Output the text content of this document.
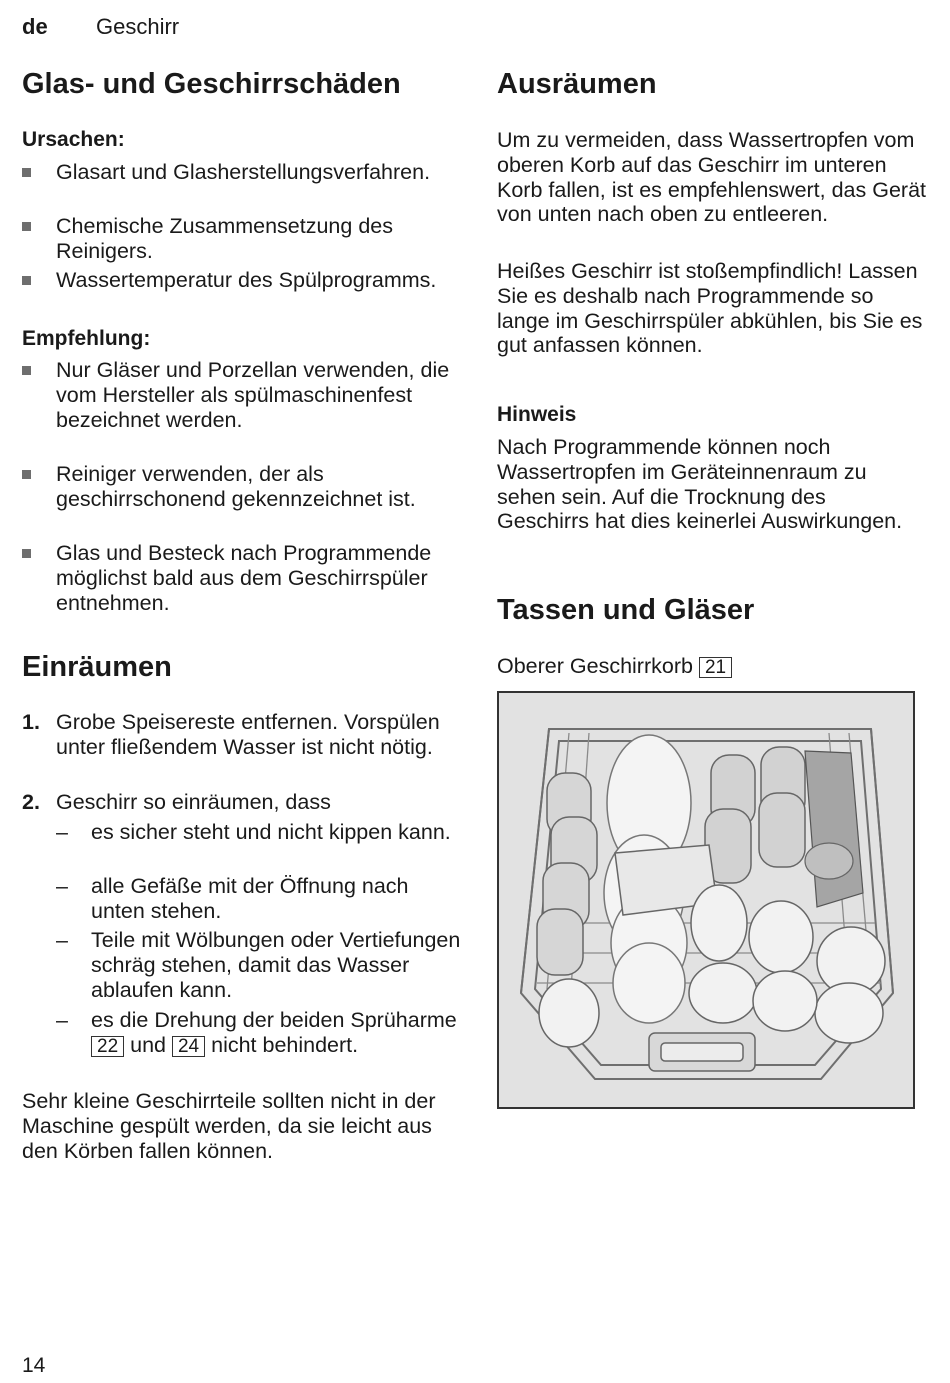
de Geschirr
Glas- und Geschirrschäden
Ursachen:
Glasart und Glasherstellungsverfahren.
Chemische Zusammensetzung des Reinigers.
Wassertemperatur des Spülprogramms.
Empfehlung:
Nur Gläser und Porzellan verwenden, die vom Hersteller als spülmaschinenfest bezeichnet werden.
Reiniger verwenden, der als geschirrschonend gekennzeichnet ist.
Glas und Besteck nach Programmende möglichst bald aus dem Geschirrspüler entnehmen.
Einräumen
1. Grobe Speisereste entfernen. Vorspülen unter fließendem Wasser ist nicht nötig.
2. Geschirr so einräumen, dass
– es sicher steht und nicht kippen kann.
– alle Gefäße mit der Öffnung nach unten stehen.
– Teile mit Wölbungen oder Vertiefungen schräg stehen, damit das Wasser ablaufen kann.
– es die Drehung der beiden Sprüharme 22 und 24 nicht behindert.
Sehr kleine Geschirrteile sollten nicht in der Maschine gespült werden, da sie leicht aus den Körben fallen können.
Ausräumen
Um zu vermeiden, dass Wassertropfen vom oberen Korb auf das Geschirr im unteren Korb fallen, ist es empfehlenswert, das Gerät von unten nach oben zu entleeren.
Heißes Geschirr ist stoßempfindlich! Lassen Sie es deshalb nach Programmende so lange im Geschirrspüler abkühlen, bis Sie es gut anfassen können.
Hinweis
Nach Programmende können noch Wassertropfen im Geräteinnenraum zu sehen sein. Auf die Trocknung des Geschirrs hat dies keinerlei Auswirkungen.
Tassen und Gläser
Oberer Geschirrkorb 21
14
